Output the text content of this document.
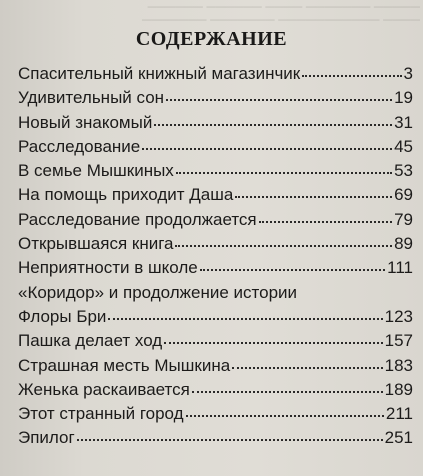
───── ─────── ──── ────── ──────
──── ─────────── ─────── ───────
СОДЕРЖАНИЕ
Спасительный книжный магазинчик	3
Удивительный сон	19
Новый знакомый	31
Расследование	45
В семье Мышкиных	53
На помощь приходит Даша	69
Расследование продолжается	79
Открывшаяся книга	89
Неприятности в школе	111
«Коридор» и продолжение истории
Флоры Бри	123
Пашка делает ход	157
Страшная месть Мышкина	183
Женька раскаивается	189
Этот странный город	211
Эпилог	251
